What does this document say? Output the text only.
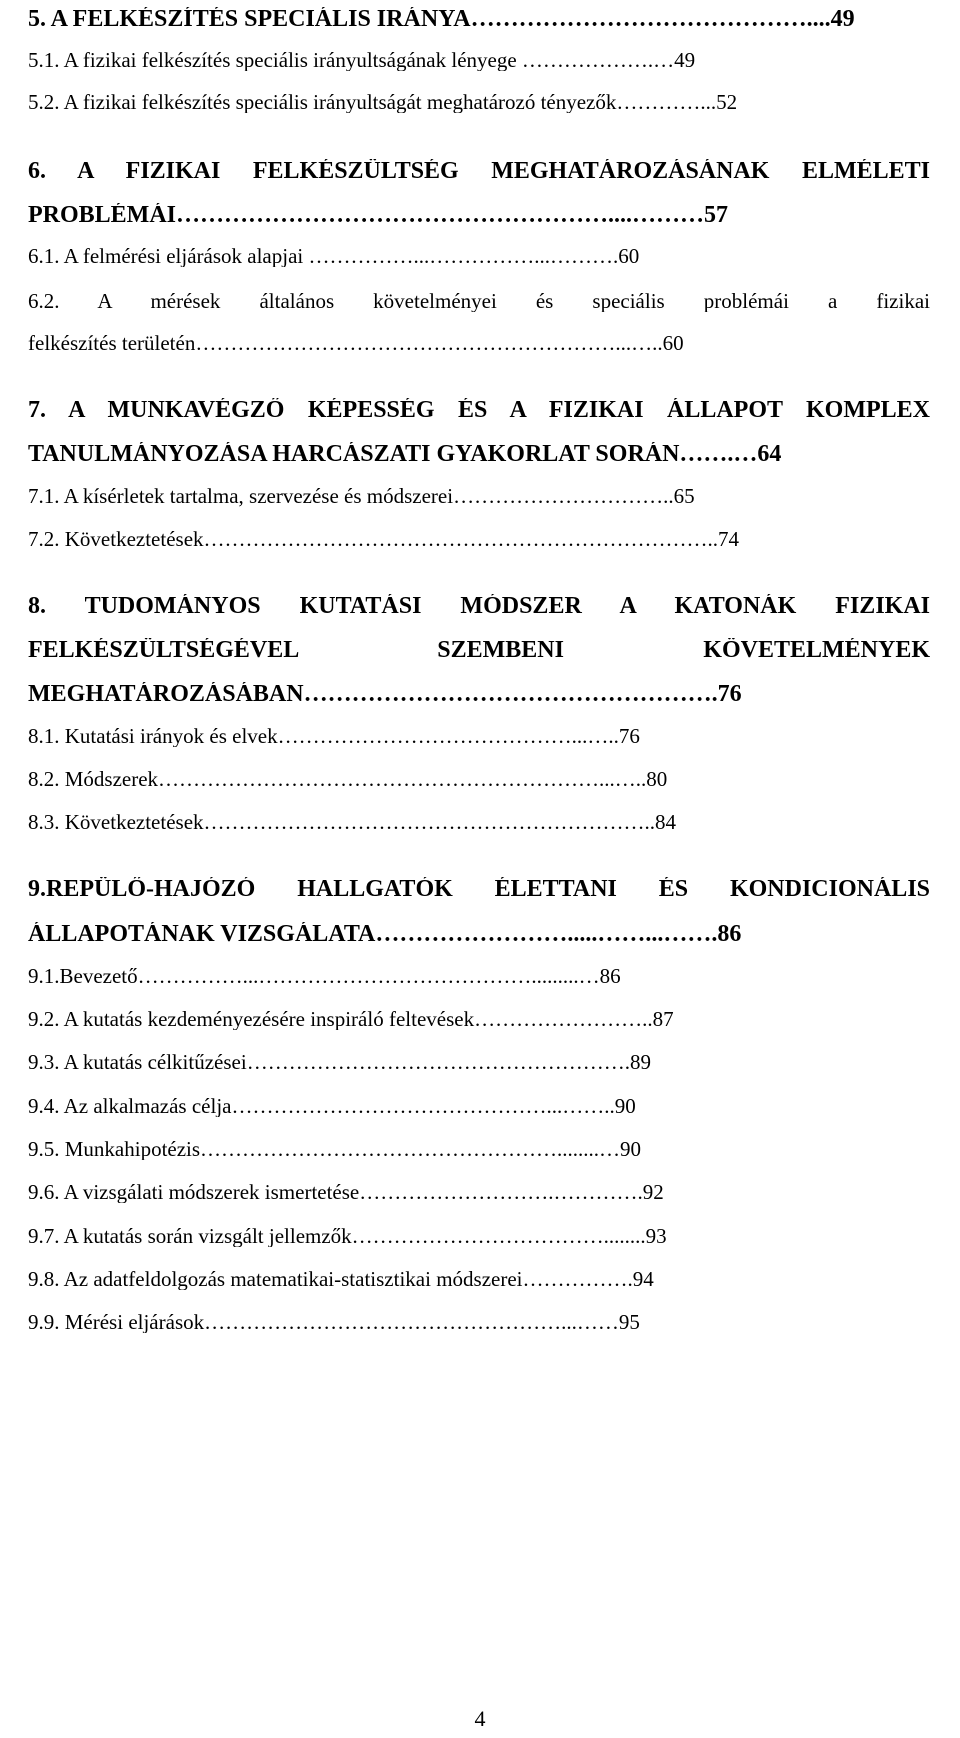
5. A FELKÉSZÍTÉS SPECIÁLIS IRÁNYA……………………………………....49
5.1. A fizikai felkészítés speciális irányultságának lényege ……………….…49
5.2. A fizikai felkészítés speciális irányultságát meghatározó tényezők…………...52
6. A FIZIKAI FELKÉSZÜLTSÉG MEGHATÁROZÁSÁNAK ELMÉLETI
PROBLÉMÁI………………………………………………....………57
6.1. A felmérési eljárások alapjai ……………...……………...……….60
6.2. A mérések általános követelményei és speciális problémái a fizikai
felkészítés területén……………………………………………………...…..60
7. A MUNKAVÉGZŐ KÉPESSÉG ÉS A FIZIKAI ÁLLAPOT KOMPLEX
TANULMÁNYOZÁSA HARCÁSZATI GYAKORLAT SORÁN…….…64
7.1. A kísérletek tartalma, szervezése és módszerei…………………………..65
7.2. Következtetések………………………………………………………………..74
8. TUDOMÁNYOS KUTATÁSI MÓDSZER A KATONÁK FIZIKAI
FELKÉSZÜLTSÉGÉVEL SZEMBENI KÖVETELMÉNYEK
MEGHATÁROZÁSÁBAN…………………………………………….76
8.1. Kutatási irányok és elvek……………………………………...…..76
8.2. Módszerek………………………………………………………...…..80
8.3. Következtetések………………………………………………………..84
9.REPÜLŐ-HAJÓZÓ HALLGATÓK ÉLETTANI ÉS KONDICIONÁLIS
ÁLLAPOTÁNAK VIZSGÁLATA…………………….....……...…….86
9.1.Bevezető……………...………………………………….........…86
9.2. A kutatás kezdeményezésére inspiráló feltevések……………………..87
9.3. A kutatás célkitűzései……………………………………………….89
9.4. Az alkalmazás célja………………………………………...……..90
9.5. Munkahipotézis……………………………………………........…90
9.6. A vizsgálati módszerek ismertetése……………………….………….92
9.7. A kutatás során vizsgált jellemzők………………………………........93
9.8. Az adatfeldolgozás matematikai-statisztikai módszerei…………….94
9.9. Mérési eljárások……………………………………………...……95
4
